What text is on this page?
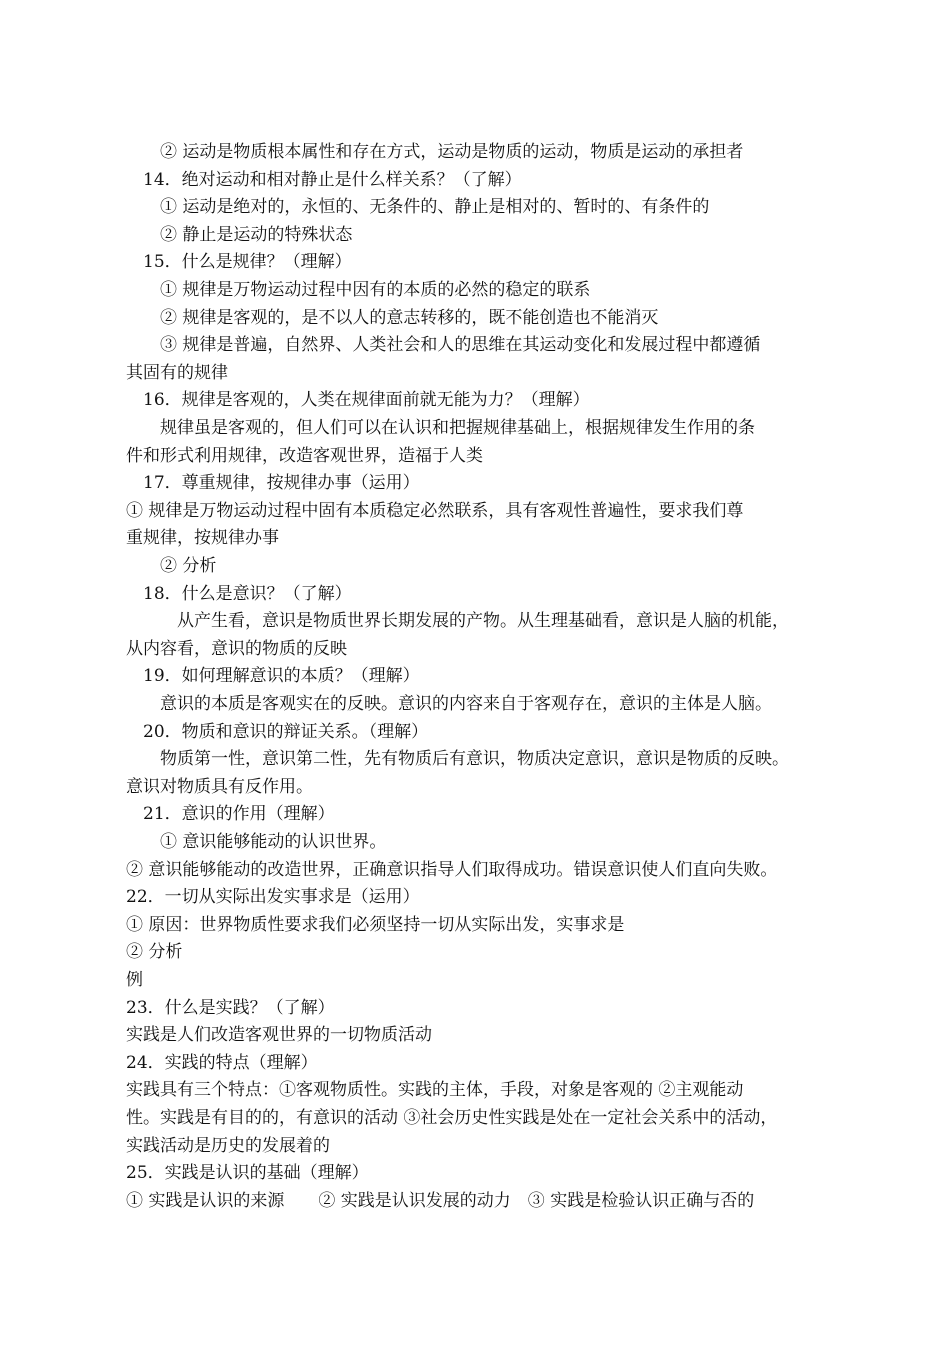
　　② 运动是物质根本属性和存在方式，运动是物质的运动，物质是运动的承担者
　14．绝对运动和相对静止是什么样关系？（了解）
　　① 运动是绝对的，永恒的、无条件的、静止是相对的、暂时的、有条件的
　　② 静止是运动的特殊状态
　15．什么是规律？（理解）
　　① 规律是万物运动过程中因有的本质的必然的稳定的联系
　　② 规律是客观的，是不以人的意志转移的，既不能创造也不能消灭
　　③ 规律是普遍，自然界、人类社会和人的思维在其运动变化和发展过程中都遵循
其固有的规律
　16．规律是客观的，人类在规律面前就无能为力？（理解）
　　规律虽是客观的，但人们可以在认识和把握规律基础上，根据规律发生作用的条
件和形式利用规律，改造客观世界，造福于人类
　17．尊重规律，按规律办事（运用）
① 规律是万物运动过程中固有本质稳定必然联系，具有客观性普遍性，要求我们尊
重规律，按规律办事
　　② 分析
　18．什么是意识？（了解）
　　　从产生看，意识是物质世界长期发展的产物。从生理基础看，意识是人脑的机能，
从内容看，意识的物质的反映
　19．如何理解意识的本质？（理解）
　　意识的本质是客观实在的反映。意识的内容来自于客观存在，意识的主体是人脑。
　20．物质和意识的辩证关系。（理解）
　　物质第一性，意识第二性，先有物质后有意识，物质决定意识，意识是物质的反映。
意识对物质具有反作用。
　21．意识的作用（理解）
　　① 意识能够能动的认识世界。
② 意识能够能动的改造世界，正确意识指导人们取得成功。错误意识使人们直向失败。
22．一切从实际出发实事求是（运用）
① 原因：世界物质性要求我们必须坚持一切从实际出发，实事求是
② 分析
例
23．什么是实践？（了解）
实践是人们改造客观世界的一切物质活动
24．实践的特点（理解）
实践具有三个特点：①客观物质性。实践的主体，手段，对象是客观的 ②主观能动
性。实践是有目的的，有意识的活动 ③社会历史性实践是处在一定社会关系中的活动，
实践活动是历史的发展着的
25．实践是认识的基础（理解）
① 实践是认识的来源　　② 实践是认识发展的动力　③ 实践是检验认识正确与否的
